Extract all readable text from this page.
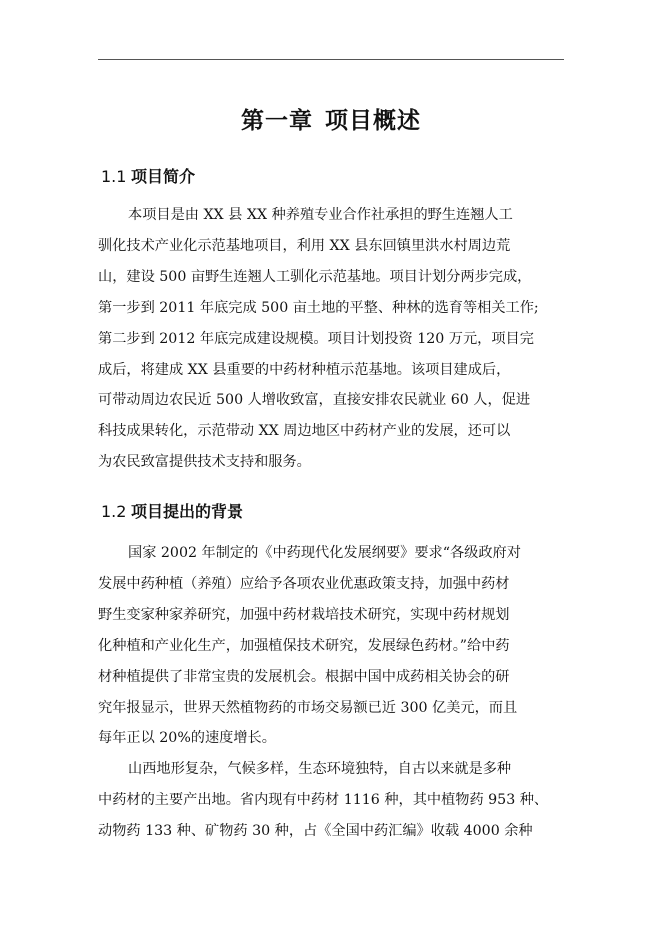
第一章 项目概述
1.1 项目简介
本项目是由 XX 县 XX 种养殖专业合作社承担的野生连翘人工
驯化技术产业化示范基地项目，利用 XX 县东回镇里洪水村周边荒
山，建设 500 亩野生连翘人工驯化示范基地。项目计划分两步完成，
第一步到 2011 年底完成 500 亩土地的平整、种林的选育等相关工作;
第二步到 2012 年底完成建设规模。项目计划投资 120 万元，项目完
成后，将建成 XX 县重要的中药材种植示范基地。该项目建成后，
可带动周边农民近 500 人增收致富，直接安排农民就业 60 人，促进
科技成果转化，示范带动 XX 周边地区中药材产业的发展，还可以
为农民致富提供技术支持和服务。
1.2 项目提出的背景
国家 2002 年制定的《中药现代化发展纲要》要求“各级政府对
发展中药种植（养殖）应给予各项农业优惠政策支持，加强中药材
野生变家种家养研究，加强中药材栽培技术研究，实现中药材规划
化种植和产业化生产，加强植保技术研究，发展绿色药材。”给中药
材种植提供了非常宝贵的发展机会。根据中国中成药相关协会的研
究年报显示，世界天然植物药的市场交易额已近 300 亿美元，而且
每年正以 20%的速度增长。
山西地形复杂，气候多样，生态环境独特，自古以来就是多种
中药材的主要产出地。省内现有中药材 1116 种，其中植物药 953 种、
动物药 133 种、矿物药 30 种，占《全国中药汇编》收载 4000 余种
